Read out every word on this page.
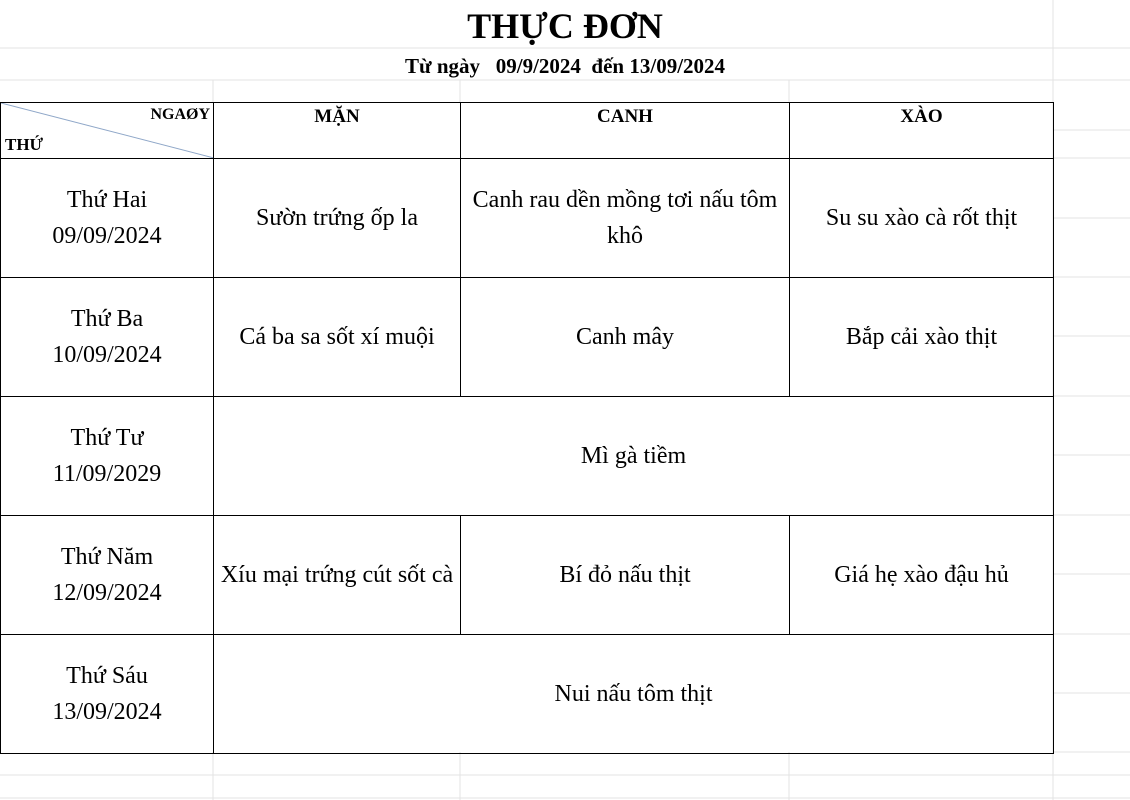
THỰC ĐƠN
Từ ngày   09/9/2024  đến 13/09/2024
NGAØY
THỨ	MẶN	CANH	XÀO

Thứ Hai
09/09/2024	Sườn trứng ốp la	Canh rau dền mồng tơi nấu tôm khô	Su su xào cà rốt thịt

Thứ Ba
10/09/2024	Cá ba sa sốt xí muội	Canh mây	Bắp cải xào thịt

Thứ Tư
11/09/2029	Mì gà tiềm		

Thứ Năm
12/09/2024	Xíu mại trứng cút sốt cà	Bí đỏ nấu thịt	Giá hẹ xào đậu hủ

Thứ Sáu
13/09/2024	Nui nấu tôm thịt		
